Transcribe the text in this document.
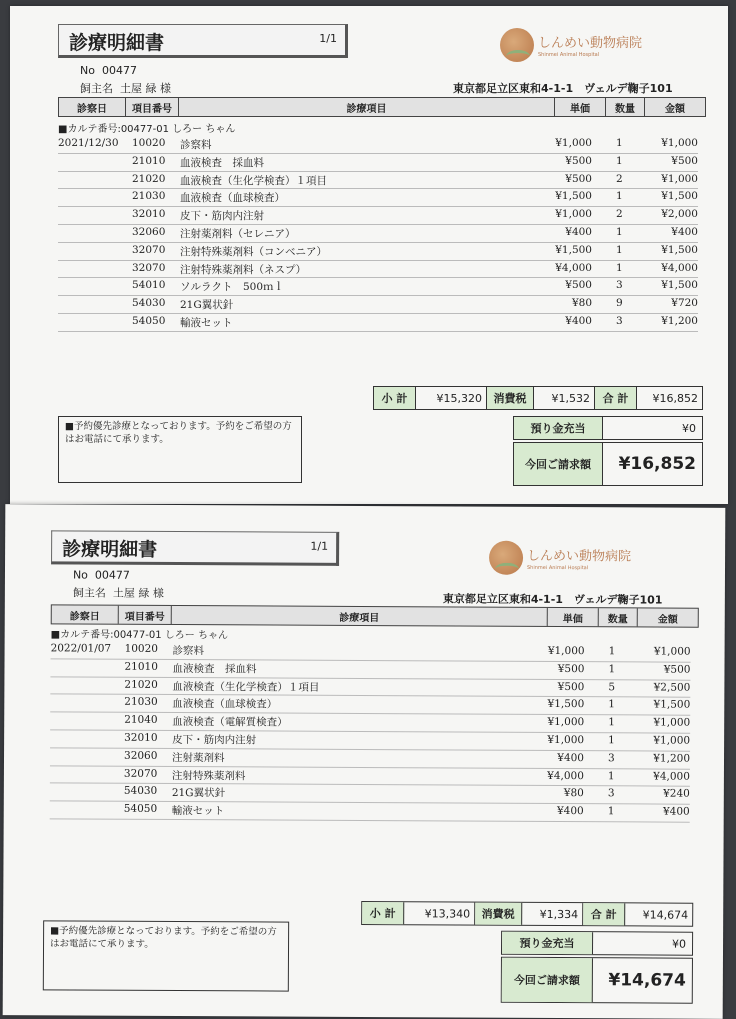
診療明細書	1/1	しんめい動物病院
Shinmei Animal Hospital
No 00477
飼主名 土屋 緑 様	東京都足立区東和4-1-1　ヴェルデ鞠子101
診察日	項目番号	診療項目	単価	数量	金額
■カルテ番号:00477-01 しろー ちゃん
2021/12/30 10020 診察料	¥1,000 1	¥1,000
21010 血液検査　採血料	¥500 1	¥500
21020 血液検査（生化学検査）１項目	¥500 2	¥1,000
21030 血液検査（血球検査）	¥1,500 1	¥1,500
32010 皮下・筋肉内注射	¥1,000 2	¥2,000
32060 注射薬剤料（セレニア）	¥400 1	¥400
32070 注射特殊薬剤料（コンベニア）	¥1,500 1	¥1,500
32070 注射特殊薬剤料（ネスプ）	¥4,000 1	¥4,000
54010 ソルラクト　500ｍｌ	¥500 3	¥1,500
54030 21G翼状針	¥80 9	¥720
54050 輸液セット	¥400 3	¥1,200
小 計	¥15,320	消費税	¥1,532	合 計	¥16,852
預り金充当	¥0
今回ご請求額	¥16,852
■予約優先診療となっております。予約をご希望の方はお電話にて承ります。
診療明細書	1/1
しんめい動物病院
Shinmei Animal Hospital
No 00477
飼主名 土屋 緑 様	東京都足立区東和4-1-1　ヴェルデ鞠子101
診察日	項目番号	診療項目	単価	数量	金額
■カルテ番号:00477-01 しろー ちゃん
2022/01/07 10020 診察料	¥1,000 1	¥1,000
21010 血液検査　採血料	¥500 1	¥500
21020 血液検査（生化学検査）１項目	¥500 5	¥2,500
21030 血液検査（血球検査）	¥1,500 1	¥1,500
21040 血液検査（電解質検査）	¥1,000 1	¥1,000
32010 皮下・筋肉内注射	¥1,000 1	¥1,000
32060 注射薬剤料	¥400 3	¥1,200
32070 注射特殊薬剤料	¥4,000 1	¥4,000
54030 21G翼状針	¥80 3	¥240
54050 輸液セット	¥400 1	¥400
小 計	¥13,340	消費税	¥1,334	合 計	¥14,674
預り金充当	¥0
今回ご請求額	¥14,674
■予約優先診療となっております。予約をご希望の方はお電話にて承ります。
